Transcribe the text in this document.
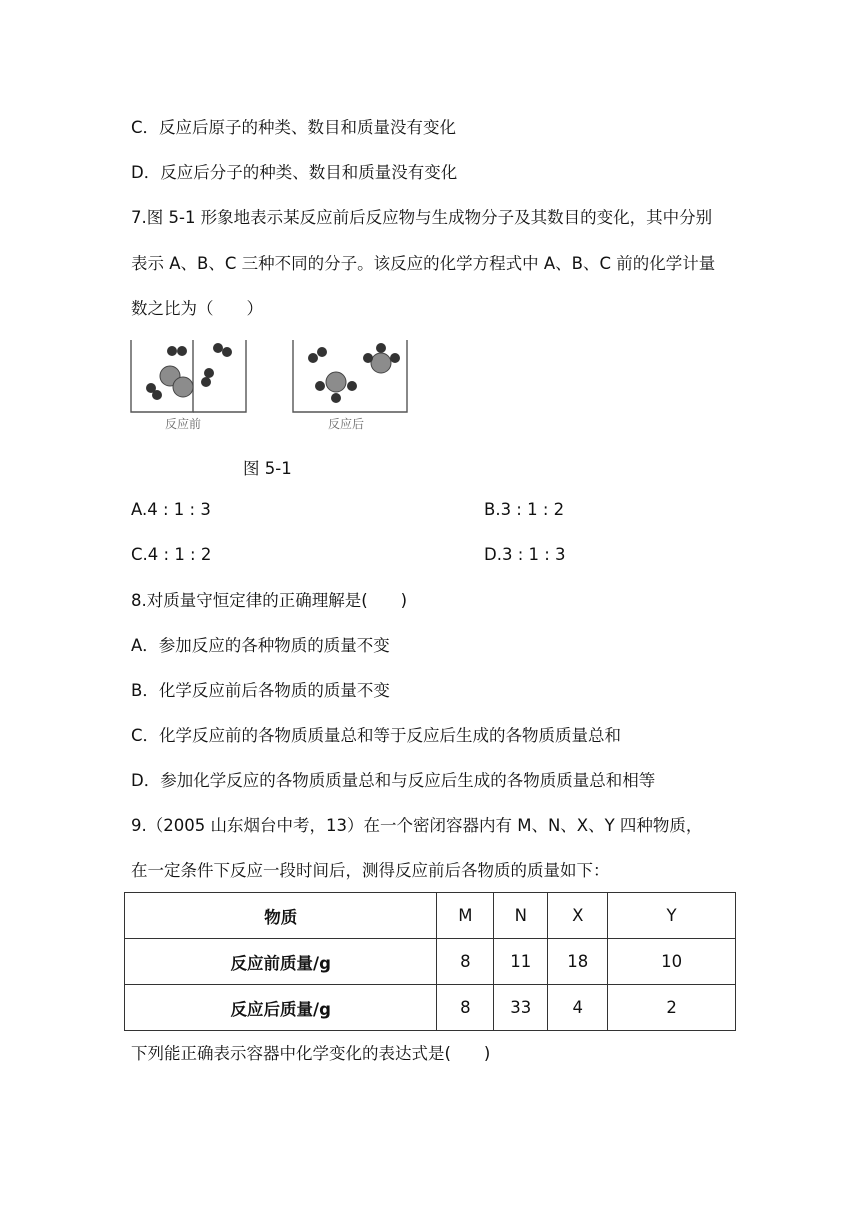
C．反应后原子的种类、数目和质量没有变化
D．反应后分子的种类、数目和质量没有变化
7.图 5-1 形象地表示某反应前后反应物与生成物分子及其数目的变化，其中分别
表示 A、B、C 三种不同的分子。该反应的化学方程式中 A、B、C 前的化学计量
数之比为（　　）
反应前	反应后
图 5-1
A.4 : 1 : 3	B.3 : 1 : 2
C.4 : 1 : 2	D.3 : 1 : 3
8.对质量守恒定律的正确理解是(　　)
A．参加反应的各种物质的质量不变
B．化学反应前后各物质的质量不变
C．化学反应前的各物质质量总和等于反应后生成的各物质质量总和
D．参加化学反应的各物质质量总和与反应后生成的各物质质量总和相等
9.（2005 山东烟台中考，13）在一个密闭容器内有 M、N、X、Y 四种物质，
在一定条件下反应一段时间后，测得反应前后各物质的质量如下：
物质	M	N	X	Y
反应前质量/g	8	11	18	10
反应后质量/g	8	33	4	2
下列能正确表示容器中化学变化的表达式是(　　)
